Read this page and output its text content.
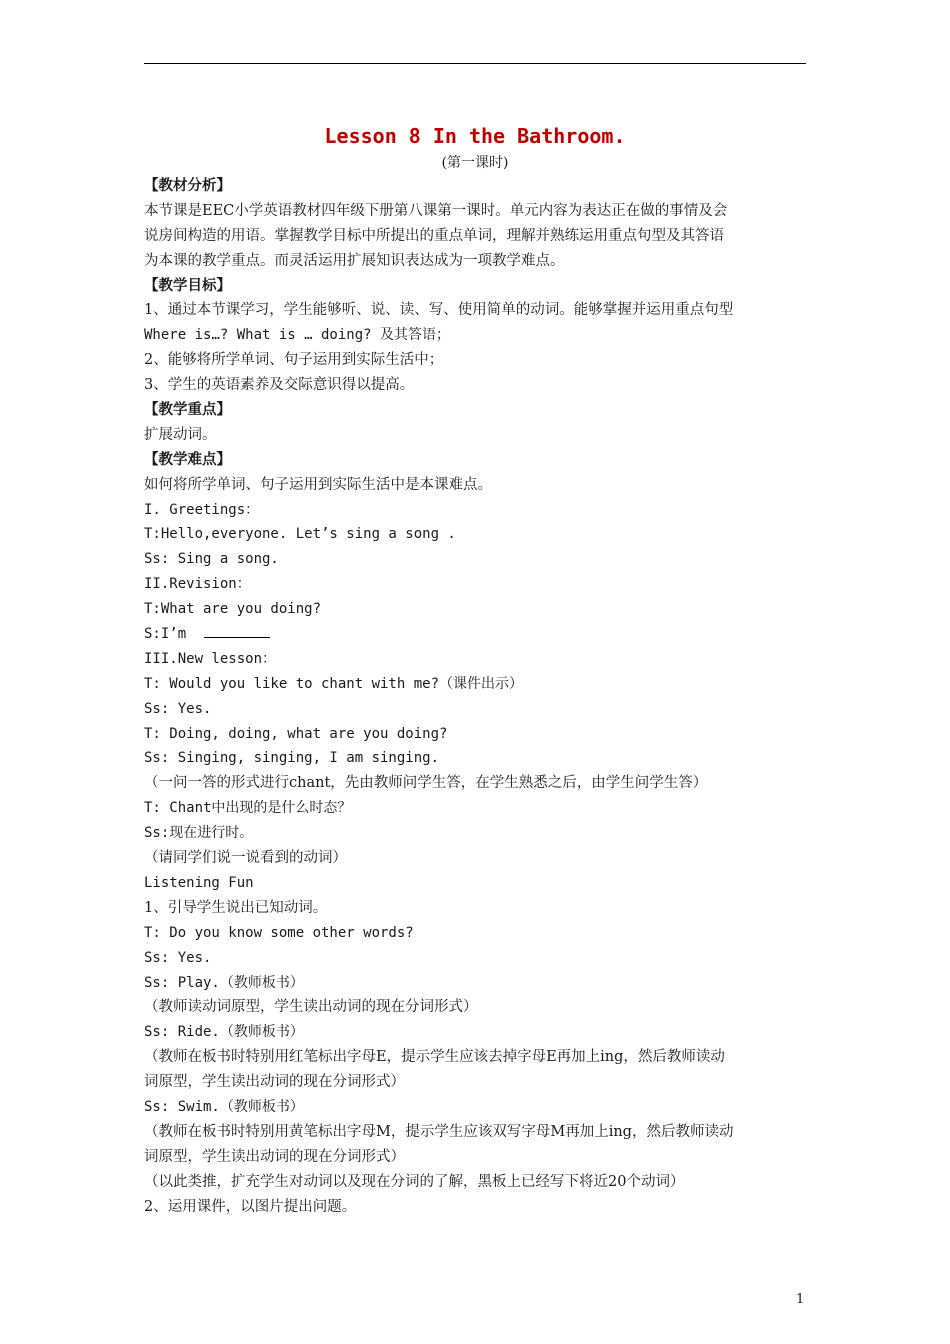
Lesson 8 In the Bathroom.
(第一课时)
【教材分析】
本节课是EEC小学英语教材四年级下册第八课第一课时。单元内容为表达正在做的事情及会
说房间构造的用语。掌握教学目标中所提出的重点单词，理解并熟练运用重点句型及其答语
为本课的教学重点。而灵活运用扩展知识表达成为一项教学难点。
【教学目标】
1、通过本节课学习，学生能够听、说、读、写、使用简单的动词。能够掌握并运用重点句型
Where is…? What is … doing? 及其答语；
2、能够将所学单词、句子运用到实际生活中；
3、学生的英语素养及交际意识得以提高。
【教学重点】
扩展动词。
【教学难点】
如何将所学单词、句子运用到实际生活中是本课难点。
I. Greetings：
T:Hello,everyone. Let’s sing a song .
Ss: Sing a song.
II.Revision：
T:What are you doing?
S:I’m
III.New lesson：
T: Would you like to chant with me?（课件出示）
Ss: Yes.
T: Doing, doing, what are you doing?
Ss: Singing, singing, I am singing.
（一问一答的形式进行chant，先由教师问学生答，在学生熟悉之后，由学生问学生答）
T: Chant中出现的是什么时态？
Ss:现在进行时。
（请同学们说一说看到的动词）
Listening Fun
1、引导学生说出已知动词。
T: Do you know some other words?
Ss: Yes.
Ss: Play.（教师板书）
（教师读动词原型，学生读出动词的现在分词形式）
Ss: Ride.（教师板书）
（教师在板书时特别用红笔标出字母E，提示学生应该去掉字母E再加上ing，然后教师读动
词原型，学生读出动词的现在分词形式）
Ss: Swim.（教师板书）
（教师在板书时特别用黄笔标出字母M，提示学生应该双写字母M再加上ing，然后教师读动
词原型，学生读出动词的现在分词形式）
（以此类推，扩充学生对动词以及现在分词的了解，黑板上已经写下将近20个动词）
2、运用课件，以图片提出问题。
1
